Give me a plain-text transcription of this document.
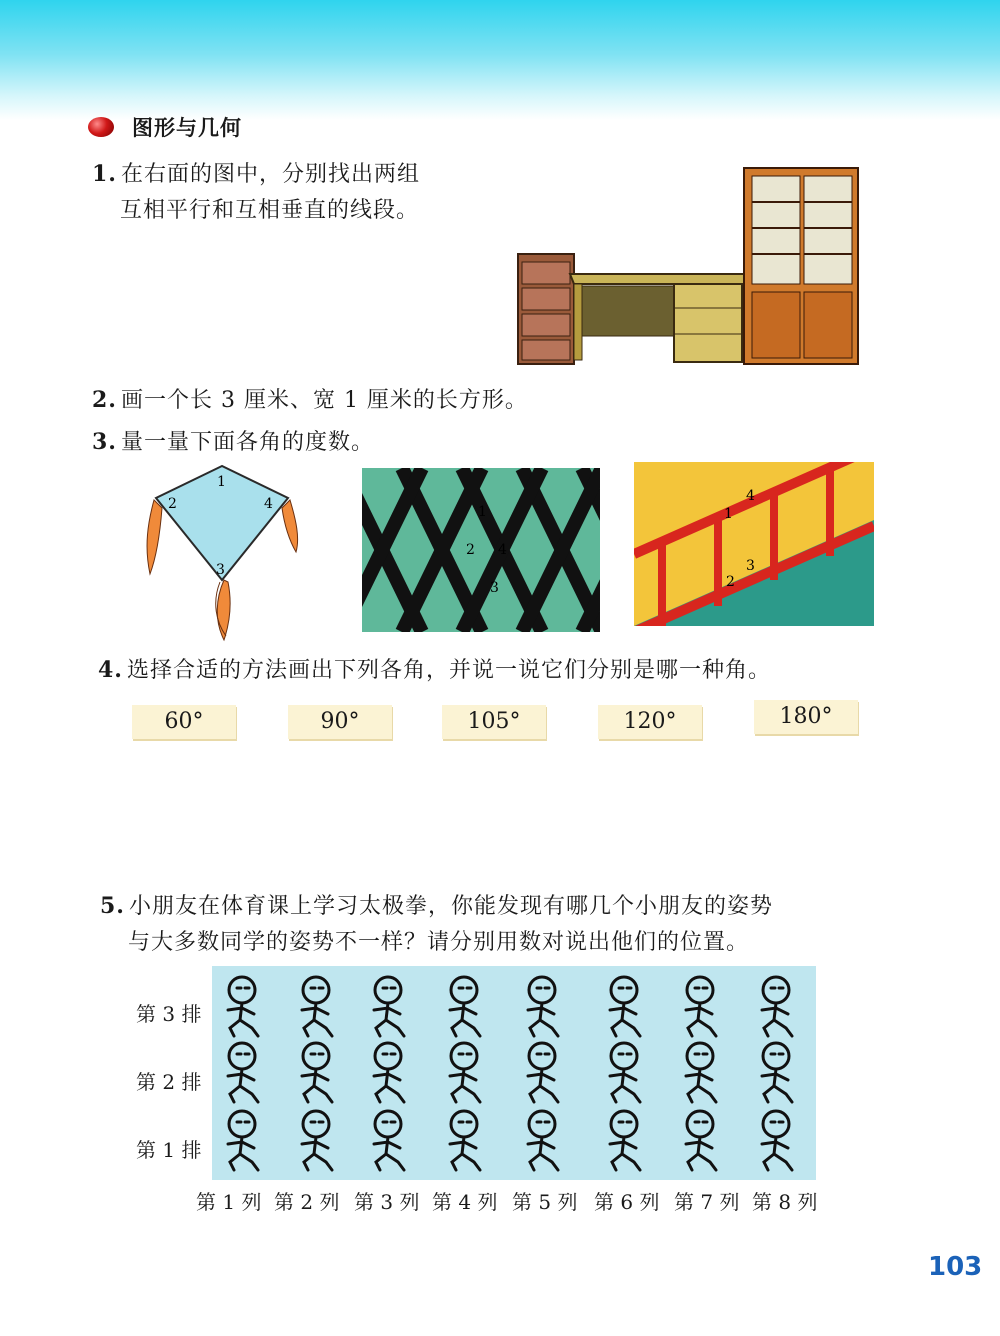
图形与几何
1. 在右面的图中，分别找出两组
互相平行和互相垂直的线段。
2. 画一个长 3 厘米、宽 1 厘米的长方形。
3. 量一量下面各角的度数。
1
2
3
4	1
2
3
4
1
2
3
4
4. 选择合适的方法画出下列各角，并说一说它们分别是哪一种角。
60°	90°	105°	120°	180°
5. 小朋友在体育课上学习太极拳，你能发现有哪几个小朋友的姿势
与大多数同学的姿势不一样？请分别用数对说出他们的位置。
第 3 排
第 2 排
第 1 排
第 1 列 第 2 列 第 3 列 第 4 列 第 5 列 第 6 列 第 7 列 第 8 列
103
